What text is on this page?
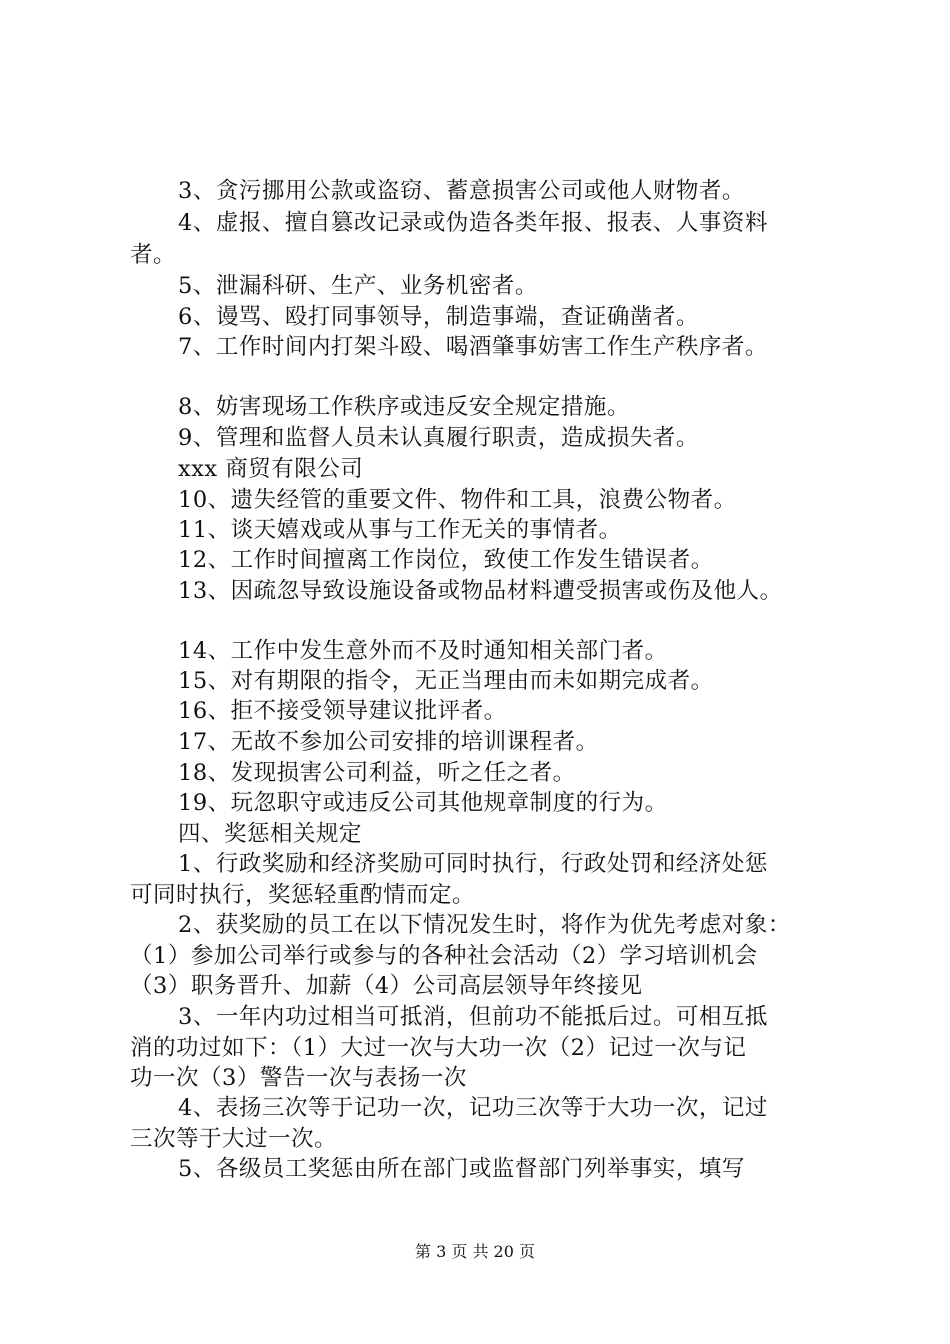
3、贪污挪用公款或盗窃、蓄意损害公司或他人财物者。
4、虚报、擅自篡改记录或伪造各类年报、报表、人事资料
者。
5、泄漏科研、生产、业务机密者。
6、谩骂、殴打同事领导，制造事端，查证确凿者。
7、工作时间内打架斗殴、喝酒肇事妨害工作生产秩序者。
8、妨害现场工作秩序或违反安全规定措施。
9、管理和监督人员未认真履行职责，造成损失者。
xxx 商贸有限公司
10、遗失经管的重要文件、物件和工具，浪费公物者。
11、谈天嬉戏或从事与工作无关的事情者。
12、工作时间擅离工作岗位，致使工作发生错误者。
13、因疏忽导致设施设备或物品材料遭受损害或伤及他人。
14、工作中发生意外而不及时通知相关部门者。
15、对有期限的指令，无正当理由而未如期完成者。
16、拒不接受领导建议批评者。
17、无故不参加公司安排的培训课程者。
18、发现损害公司利益，听之任之者。
19、玩忽职守或违反公司其他规章制度的行为。
四、奖惩相关规定
1、行政奖励和经济奖励可同时执行，行政处罚和经济处惩
可同时执行，奖惩轻重酌情而定。
2、获奖励的员工在以下情况发生时，将作为优先考虑对象：
（1）参加公司举行或参与的各种社会活动（2）学习培训机会
（3）职务晋升、加薪（4）公司高层领导年终接见
3、一年内功过相当可抵消，但前功不能抵后过。可相互抵
消的功过如下：（1）大过一次与大功一次（2）记过一次与记
功一次（3）警告一次与表扬一次
4、表扬三次等于记功一次，记功三次等于大功一次，记过
三次等于大过一次。
5、各级员工奖惩由所在部门或监督部门列举事实，填写
第 3 页 共 20 页
